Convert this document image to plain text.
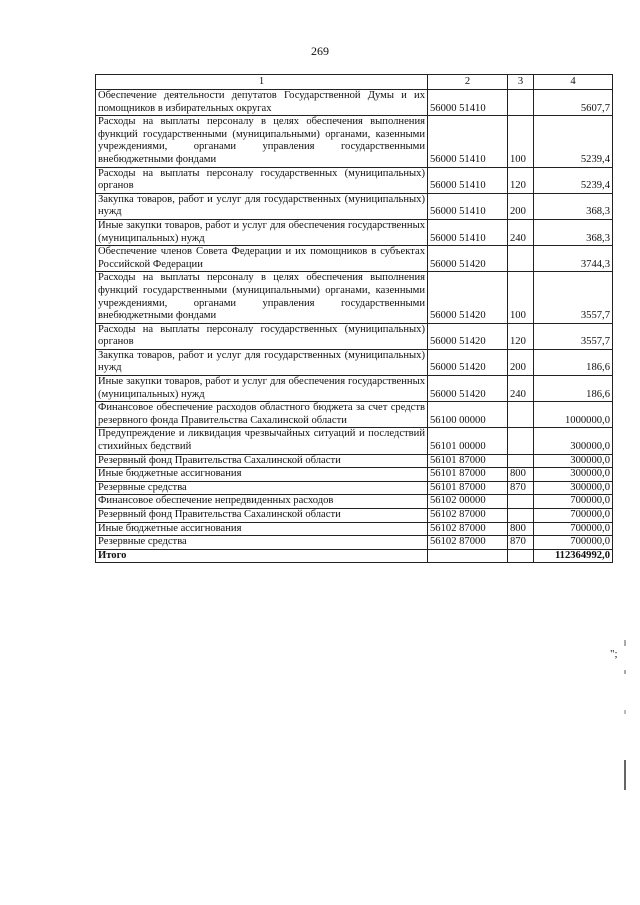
269
1	2	3	4
Обеспечение деятельности депутатов Государственной Думы и их помощников в избирательных округах	56000 51410		5607,7
Расходы на выплаты персоналу в целях обеспечения выполнения функций государственными (муниципальными) органами, казенными учреждениями, органами управления государственными внебюджетными фондами	56000 51410	100	5239,4
Расходы на выплаты персоналу государственных (муниципальных) органов	56000 51410	120	5239,4
Закупка товаров, работ и услуг для государственных (муниципальных) нужд	56000 51410	200	368,3
Иные закупки товаров, работ и услуг для обеспечения государственных (муниципальных) нужд	56000 51410	240	368,3
Обеспечение членов Совета Федерации и их помощников в субъектах Российской Федерации	56000 51420		3744,3
Расходы на выплаты персоналу в целях обеспечения выполнения функций государственными (муниципальными) органами, казенными учреждениями, органами управления государственными внебюджетными фондами	56000 51420	100	3557,7
Расходы на выплаты персоналу государственных (муниципальных) органов	56000 51420	120	3557,7
Закупка товаров, работ и услуг для государственных (муниципальных) нужд	56000 51420	200	186,6
Иные закупки товаров, работ и услуг для обеспечения государственных (муниципальных) нужд	56000 51420	240	186,6
Финансовое обеспечение расходов областного бюджета за счет средств резервного фонда Правительства Сахалинской области	56100 00000		1000000,0
Предупреждение и ликвидация чрезвычайных ситуаций и последствий стихийных бедствий	56101 00000		300000,0
Резервный фонд Правительства Сахалинской области	56101 87000		300000,0
Иные бюджетные ассигнования	56101 87000	800	300000,0
Резервные средства	56101 87000	870	300000,0
Финансовое обеспечение непредвиденных расходов	56102 00000		700000,0
Резервный фонд Правительства Сахалинской области	56102 87000		700000,0
Иные бюджетные ассигнования	56102 87000	800	700000,0
Резервные средства	56102 87000	870	700000,0
Итого			112364992,0
";
